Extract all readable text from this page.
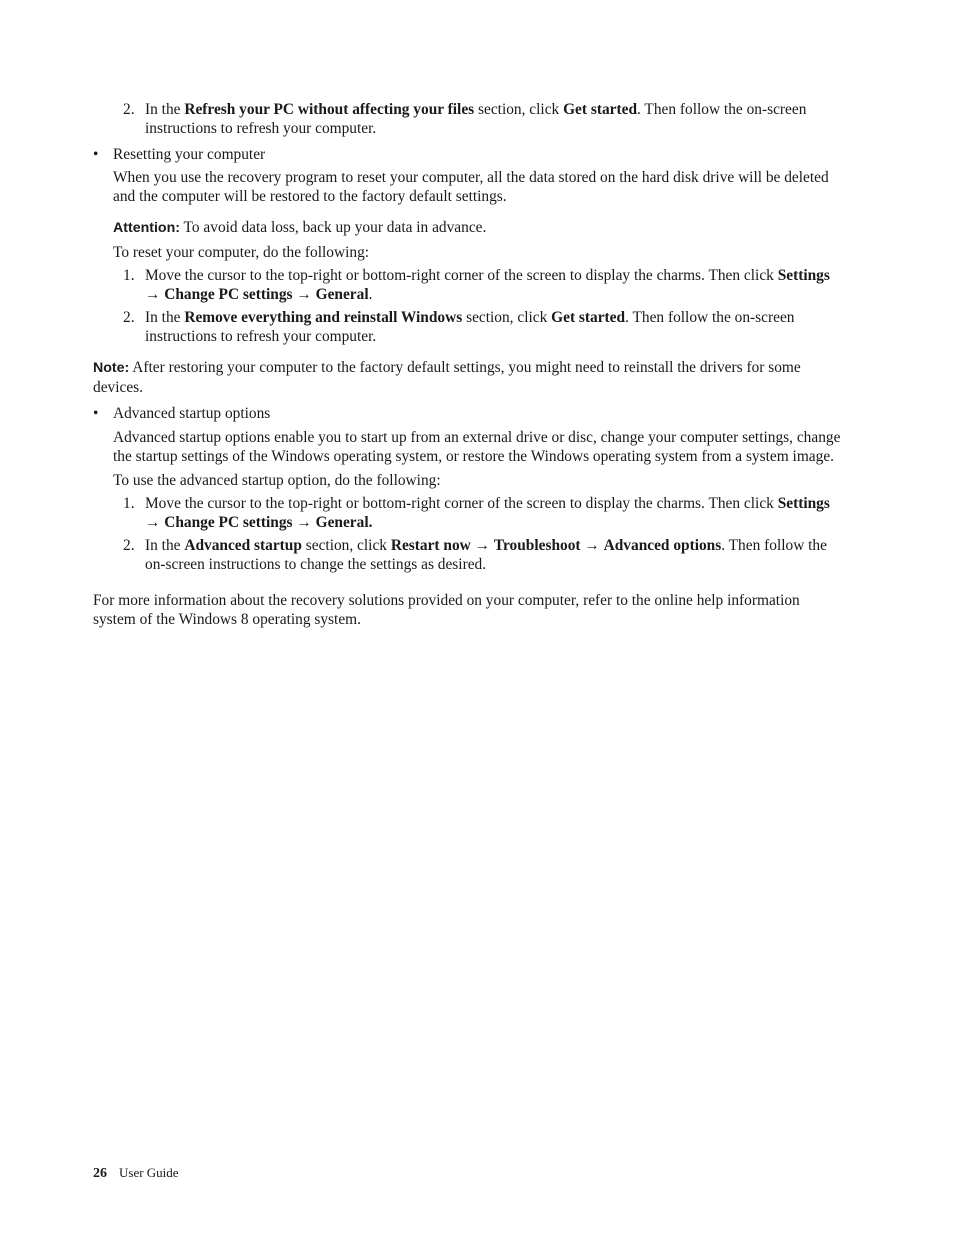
2. In the Refresh your PC without affecting your files section, click Get started. Then follow the on-screen instructions to refresh your computer.

• Resetting your computer

When you use the recovery program to reset your computer, all the data stored on the hard disk drive will be deleted and the computer will be restored to the factory default settings.

Attention: To avoid data loss, back up your data in advance.

To reset your computer, do the following:

1. Move the cursor to the top-right or bottom-right corner of the screen to display the charms. Then click Settings → Change PC settings → General.

2. In the Remove everything and reinstall Windows section, click Get started. Then follow the on-screen instructions to refresh your computer.

Note: After restoring your computer to the factory default settings, you might need to reinstall the drivers for some devices.

• Advanced startup options

Advanced startup options enable you to start up from an external drive or disc, change your computer settings, change the startup settings of the Windows operating system, or restore the Windows operating system from a system image.

To use the advanced startup option, do the following:

1. Move the cursor to the top-right or bottom-right corner of the screen to display the charms. Then click Settings → Change PC settings → General.

2. In the Advanced startup section, click Restart now → Troubleshoot → Advanced options. Then follow the on-screen instructions to change the settings as desired.

For more information about the recovery solutions provided on your computer, refer to the online help information system of the Windows 8 operating system.

26 User Guide
